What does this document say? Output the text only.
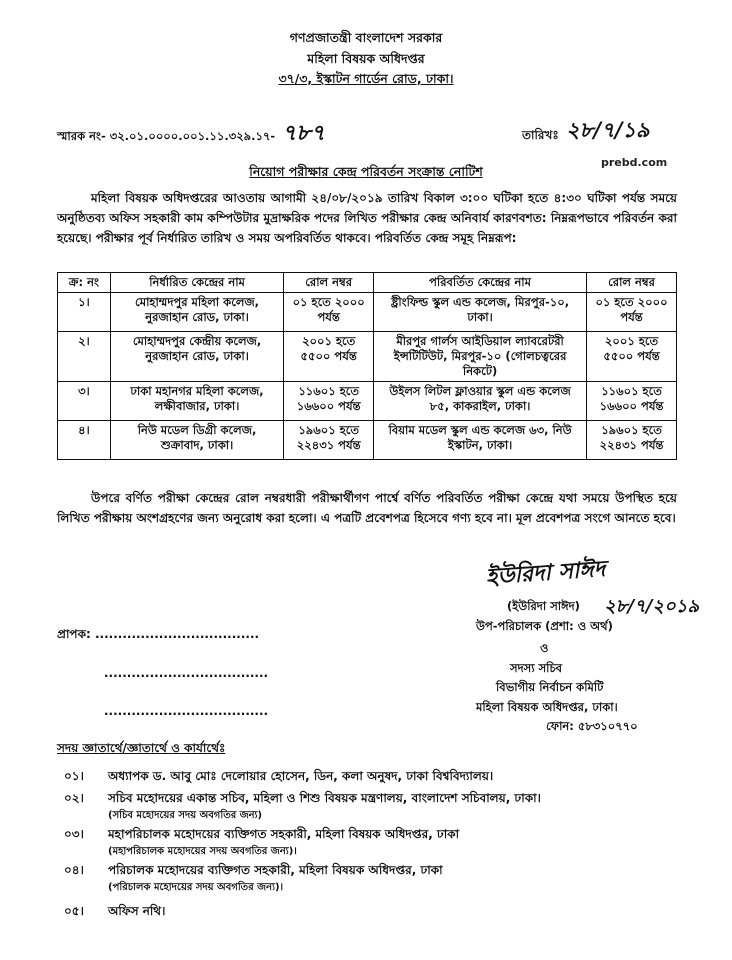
গণপ্রজাতন্ত্রী বাংলাদেশ সরকার
মহিলা বিষয়ক অধিদপ্তর
৩৭/৩, ইস্কাটন গার্ডেন রোড, ঢাকা।
স্মারক নং- ৩২.০১.০০০০.০০১.১১.৩২৯.১৭- ৭৮৭	তারিখঃ ২৮/৭/১৯
prebd.com
নিয়োগ পরীক্ষার কেন্দ্র পরিবর্তন সংক্রান্ত নোটিশ
মহিলা বিষয়ক অধিদপ্তরের আওতায় আগামী ২৪/০৮/২০১৯ তারিখ বিকাল ৩:০০ ঘটিকা হতে ৪:৩০ ঘটিকা পর্যন্ত সময়ে অনুষ্ঠিতব্য অফিস সহকারী কাম কম্পিউটার মুদ্রাক্ষরিক পদের লিখিত পরীক্ষার কেন্দ্র অনিবার্য কারণবশত: নিম্নরূপভাবে পরিবর্তন করা হয়েছে। পরীক্ষার পূর্ব নির্ধারিত তারিখ ও সময় অপরিবর্তিত থাকবে। পরিবর্তিত কেন্দ্র সমূহ নিম্নরূপ:
ক্র: নং	নির্ধারিত কেন্দ্রের নাম	রোল নম্বর	পরিবর্তিত কেন্দ্রের নাম	রোল নম্বর
১।	মোহাম্মদপুর মহিলা কলেজ, নুরজাহান রোড, ঢাকা।	০১ হতে ২০০০ পর্যন্ত	ষ্ট্রীংফিল্ড স্কুল এন্ড কলেজ, মিরপুর-১০, ঢাকা।	০১ হতে ২০০০ পর্যন্ত
২।	মোহাম্মদপুর কেন্দ্রীয় কলেজ, নুরজাহান রোড, ঢাকা।	২০০১ হতে ৫৫০০ পর্যন্ত	মীরপুর গার্লস আইডিয়াল ল্যাবরেটরী ইন্সটিটিউট, মিরপুর-১০ (গোলচত্বরের নিকটে)	২০০১ হতে ৫৫০০ পর্যন্ত
৩।	ঢাকা মহানগর মহিলা কলেজ, লক্ষীবাজার, ঢাকা।	১১৬০১ হতে ১৬৬০০ পর্যন্ত	উইলস লিটল ফ্লাওয়ার স্কুল এন্ড কলেজ ৮৫, কাকরাইল, ঢাকা।	১১৬০১ হতে ১৬৬০০ পর্যন্ত
৪।	নিউ মডেল ডিগ্রী কলেজ, শুক্রাবাদ, ঢাকা।	১৯৬০১ হতে ২২৪৩১ পর্যন্ত	বিয়াম মডেল স্কুল এন্ড কলেজ ৬৩, নিউ ইস্কাটন, ঢাকা।	১৯৬০১ হতে ২২৪৩১ পর্যন্ত
উপরে বর্ণিত পরীক্ষা কেন্দ্রের রোল নম্বরধারী পরীক্ষার্থীগণ পার্শ্বে বর্ণিত পরিবর্তিত পরীক্ষা কেন্দ্রে যথা সময়ে উপস্থিত হয়ে লিখিত পরীক্ষায় অংশগ্রহণের জন্য অনুরোধ করা হলো। এ পত্রটি প্রবেশপত্র হিসেবে গণ্য হবে না। মূল প্রবেশপত্র সংগে আনতে হবে।
ইউরিদা সাঈদ
২৮/৭/২০১৯
(ইউরিদা সাঈদ)
উপ-পরিচালক (প্রশা: ও অর্থ)
ও
সদস্য সচিব
বিভাগীয় নির্বাচন কমিটি
মহিলা বিষয়ক অধিদপ্তর, ঢাকা।
ফোন: ৫৮৩১০৭৭০
প্রাপক: ....................................
....................................
....................................
সদয় জ্ঞাতার্থে/জ্ঞাতার্থে ও কার্যার্থেঃ
০১।	অধ্যাপক ড. আবু মোঃ দেলোয়ার হোসেন, ডিন, কলা অনুষদ, ঢাকা বিশ্ববিদ্যালয়।
০২।	সচিব মহোদয়ের একান্ত সচিব, মহিলা ও শিশু বিষয়ক মন্ত্রণালয়, বাংলাদেশ সচিবালয়, ঢাকা।
(সচিব মহোদয়ের সদয় অবগতির জন্য)
০৩।	মহাপরিচালক মহোদয়ের ব্যক্তিগত সহকারী, মহিলা বিষয়ক অধিদপ্তর, ঢাকা
(মহাপরিচালক মহোদয়ের সদয় অবগতির জন্য)।
০৪।	পরিচালক মহোদয়ের ব্যক্তিগত সহকারী, মহিলা বিষয়ক অধিদপ্তর, ঢাকা
(পরিচালক মহোদয়ের সদয় অবগতির জন্য)।
০৫।	অফিস নথি।
